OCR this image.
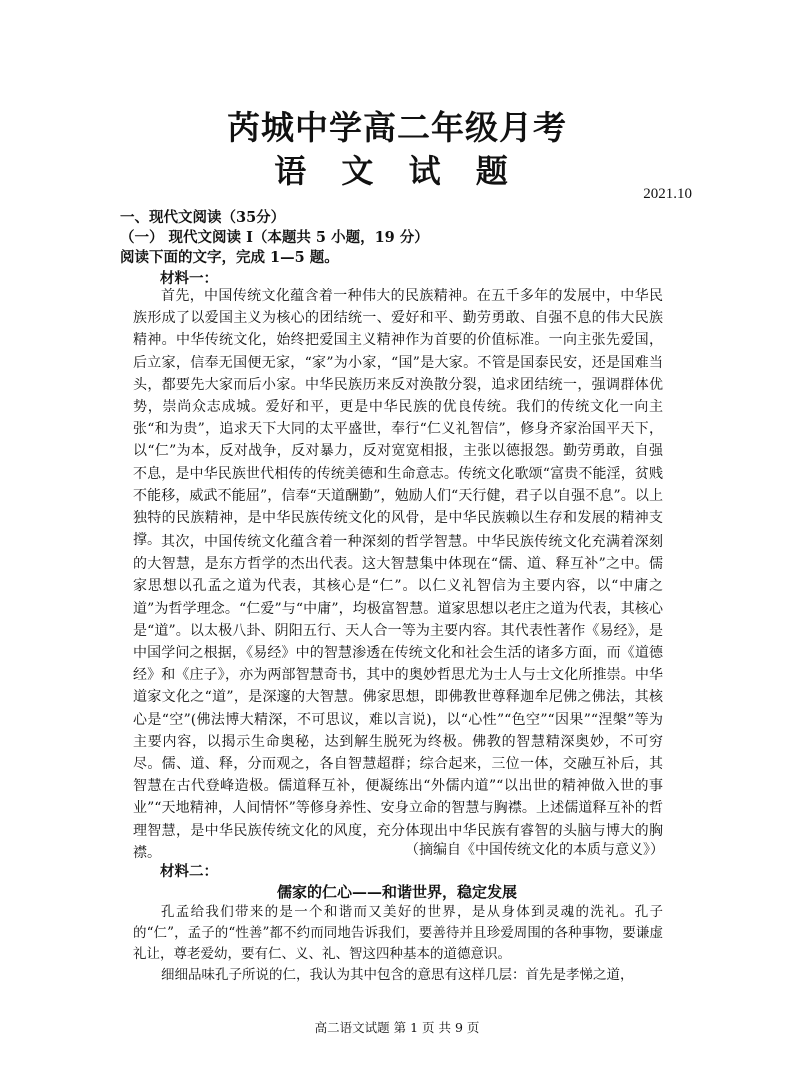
芮城中学高二年级月考
语 文 试 题
2021.10
一、现代文阅读（35分）
（一） 现代文阅读 I（本题共 5 小题，19 分）
阅读下面的文字，完成 1—5 题。
材料一：
首先，中国传统文化蕴含着一种伟大的民族精神。在五千多年的发展中，中华民族形成了以爱国主义为核心的团结统一、爱好和平、勤劳勇敢、自强不息的伟大民族精神。中华传统文化，始终把爱国主义精神作为首要的价值标准。一向主张先爱国，后立家，信奉无国便无家，“家”为小家，“国”是大家。不管是国泰民安，还是国难当头，都要先大家而后小家。中华民族历来反对涣散分裂，追求团结统一，强调群体优势，崇尚众志成城。爱好和平，更是中华民族的优良传统。我们的传统文化一向主张“和为贵”，追求天下大同的太平盛世，奉行“仁义礼智信”，修身齐家治国平天下，以“仁”为本，反对战争，反对暴力，反对宽宽相报，主张以德报怨。勤劳勇敢，自强不息，是中华民族世代相传的传统美德和生命意志。传统文化歌颂“富贵不能淫，贫贱不能移，威武不能屈”，信奉“天道酬勤”，勉励人们“天行健，君子以自强不息”。以上独特的民族精神，是中华民族传统文化的风骨，是中华民族赖以生存和发展的精神支撑。 其次，中国传统文化蕴含着一种深刻的哲学智慧。中华民族传统文化充满着深刻的大智慧，是东方哲学的杰出代表。这大智慧集中体现在“儒、道、释互补”之中。儒家思想以孔孟之道为代表，其核心是“仁”。以仁义礼智信为主要内容，以“中庸之道”为哲学理念。“仁爱”与“中庸”，均极富智慧。道家思想以老庄之道为代表，其核心是“道”。以太极八卦、阴阳五行、天人合一等为主要内容。其代表性著作《易经》，是中国学问之根据，《易经》中的智慧渗透在传统文化和社会生活的诸多方面，而《道德经》和《庄子》，亦为两部智慧奇书，其中的奥妙哲思尤为士人与士文化所推崇。中华道家文化之“道”，是深邃的大智慧。佛家思想，即佛教世尊释迦牟尼佛之佛法，其核心是“空”(佛法博大精深，不可思议，难以言说)，以“心性”“色空”“因果”“涅槃”等为主要内容，以揭示生命奥秘，达到解生脱死为终极。佛教的智慧精深奥妙，不可穷尽。儒、道、释，分而观之，各自智慧超群；综合起来，三位一体，交融互补后，其智慧在古代登峰造极。儒道释互补，便凝练出“外儒内道”“以出世的精神做入世的事业”“天地精神，人间情怀”等修身养性、安身立命的智慧与胸襟。上述儒道释互补的哲理智慧，是中华民族传统文化的风度，充分体现出中华民族有睿智的头脑与博大的胸襟。	（摘编自《中国传统文化的本质与意义》）
材料二：
儒家的仁心——和谐世界，稳定发展
孔孟给我们带来的是一个和谐而又美好的世界，是从身体到灵魂的洗礼。孔子的“仁”，孟子的“性善”都不约而同地告诉我们，要善待并且珍爱周围的各种事物，要谦虚礼让，尊老爱幼，要有仁、义、礼、智这四种基本的道德意识。
细细品味孔子所说的仁，我认为其中包含的意思有这样几层：首先是孝悌之道，
高二语文试题 第 1 页 共 9 页
